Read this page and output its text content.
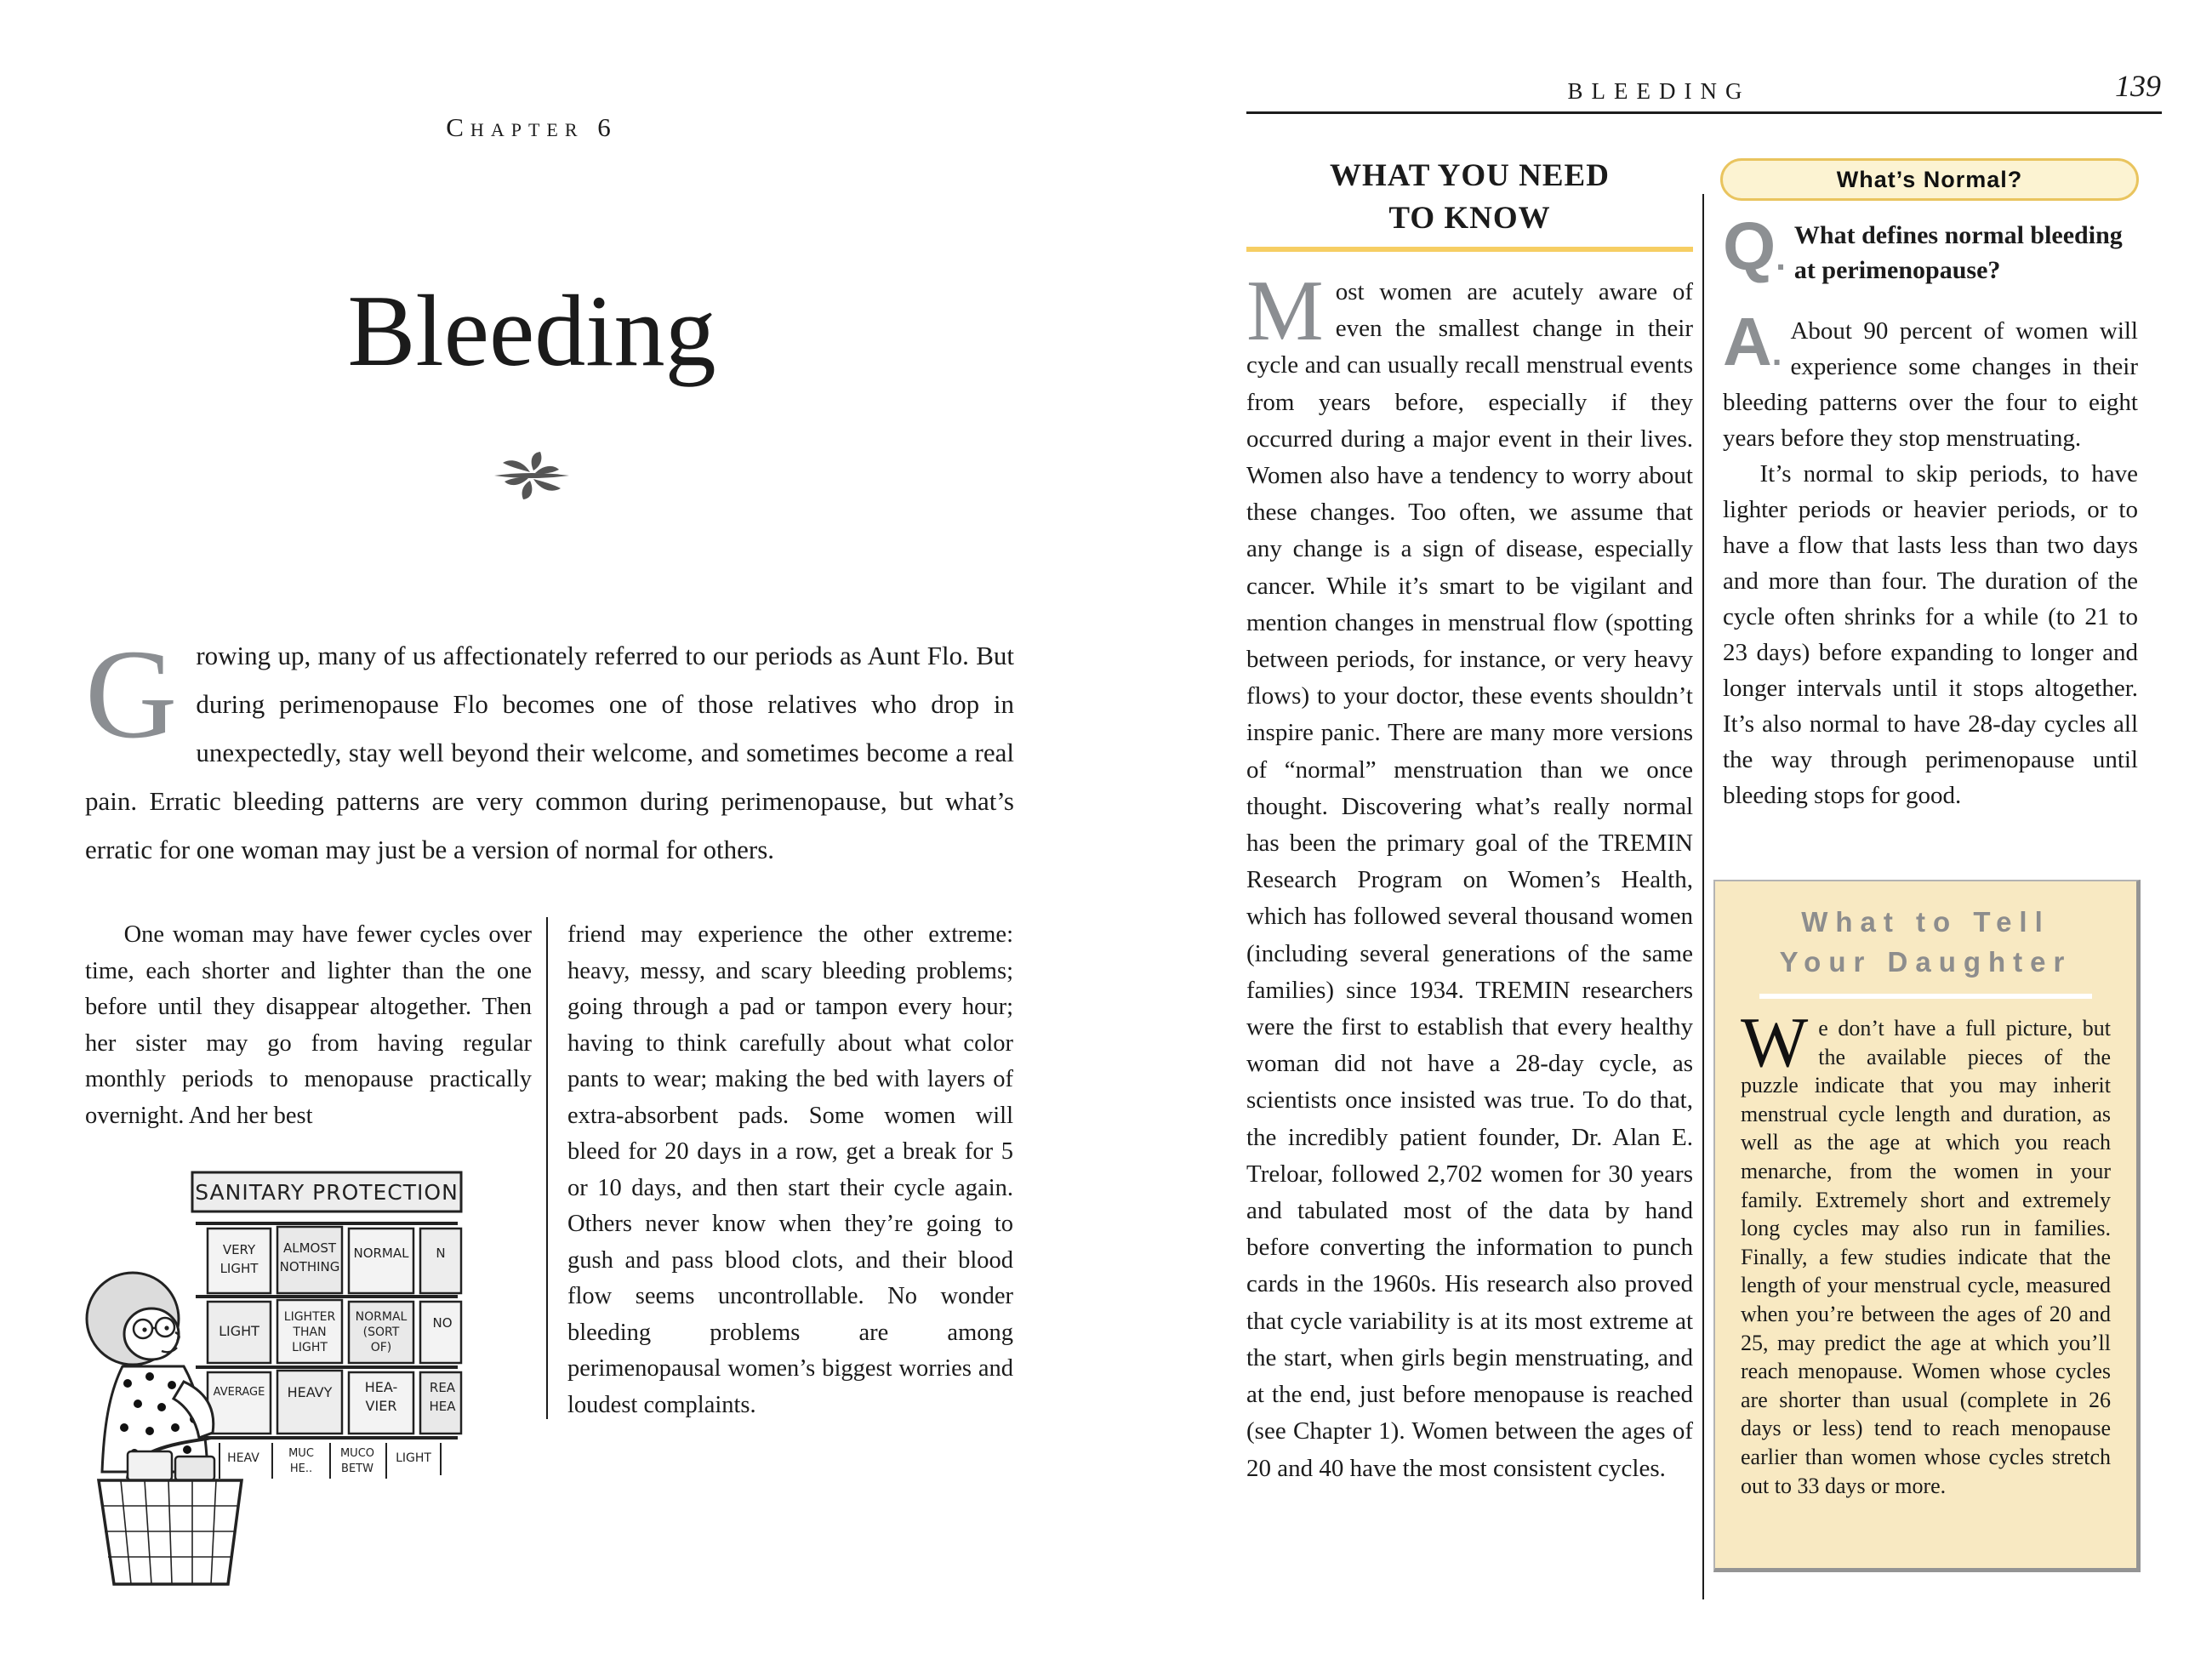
Chapter 6
Bleeding

Growing up, many of us affectionately referred to our periods as Aunt Flo. But during perimenopause Flo becomes one of those relatives who drop in unexpectedly, stay well beyond their welcome, and sometimes become a real pain. Erratic bleeding patterns are very common during perimenopause, but what’s erratic for one woman may just be a version of normal for others.

One woman may have fewer cycles over time, each shorter and lighter than the one before until they disappear altogether. Then her sister may go from having regular monthly periods to menopause practically overnight. And her best

friend may experience the other extreme: heavy, messy, and scary bleeding problems; going through a pad or tampon every hour; having to think carefully about what color pants to wear; making the bed with layers of extra-absorbent pads. Some women will bleed for 20 days in a row, get a break for 5 or 10 days, and then start their cycle again. Others never know when they’re going to gush and pass blood clots, and their blood flow seems uncontrollable. No wonder bleeding problems are among perimenopausal women’s biggest worries and loudest complaints.

SANITARY PROTECTION
VERY
LIGHT
ALMOST
NOTHING
NORMAL N
LIGHT
LIGHTER
THAN
LIGHT
NORMAL
(SORT
OF)
NO
AVERAGE HEAVY HEA-
VIER
REA
HEA
HEAV	MUC
HE..
MUCO
BETW
LIGHT
BLEEDING	139
WHAT YOU NEED
TO KNOW

Most women are acutely aware of even the smallest change in their cycle and can usually recall menstrual events from years before, especially if they occurred during a major event in their lives. Women also have a tendency to worry about these changes. Too often, we assume that any change is a sign of disease, especially cancer. While it’s smart to be vigilant and mention changes in menstrual flow (spotting between periods, for instance, or very heavy flows) to your doctor, these events shouldn’t inspire panic. There are many more versions of “normal” menstruation than we once thought. Discovering what’s really normal has been the primary goal of the TREMIN Research Program on Women’s Health, which has followed several thousand women (including several generations of the same families) since 1934. TREMIN researchers were the first to establish that every healthy woman did not have a 28-day cycle, as scientists once insisted was true. To do that, the incredibly patient founder, Dr. Alan E. Treloar, followed 2,702 women for 30 years and tabulated most of the data by hand before converting the information to punch cards in the 1960s. His research also proved that cycle variability is at its most extreme at the start, when girls begin menstruating, and at the end, just before menopause is reached (see Chapter 1). Women between the ages of 20 and 40 have the most consistent cycles.

What’s Normal?
Q.

What defines normal bleeding at perimenopause?

A.

About 90 percent of women will experience some changes in their bleeding patterns over the four to eight years before they stop menstruating.

It’s normal to skip periods, to have lighter periods or heavier periods, or to have a flow that lasts less than two days and more than four. The duration of the cycle often shrinks for a while (to 21 to 23 days) before expanding to longer and longer intervals until it stops altogether. It’s also normal to have 28-day cycles all the way through perimenopause until bleeding stops for good.

What to Tell
Your Daughter

We don’t have a full picture, but the available pieces of the puzzle indicate that you may inherit menstrual cycle length and duration, as well as the age at which you reach menarche, from the women in your family. Extremely short and extremely long cycles may also run in families. Finally, a few studies indicate that the length of your menstrual cycle, measured when you’re between the ages of 20 and 25, may predict the age at which you’ll reach menopause. Women whose cycles are shorter than usual (complete in 26 days or less) tend to reach menopause earlier than women whose cycles stretch out to 33 days or more.
